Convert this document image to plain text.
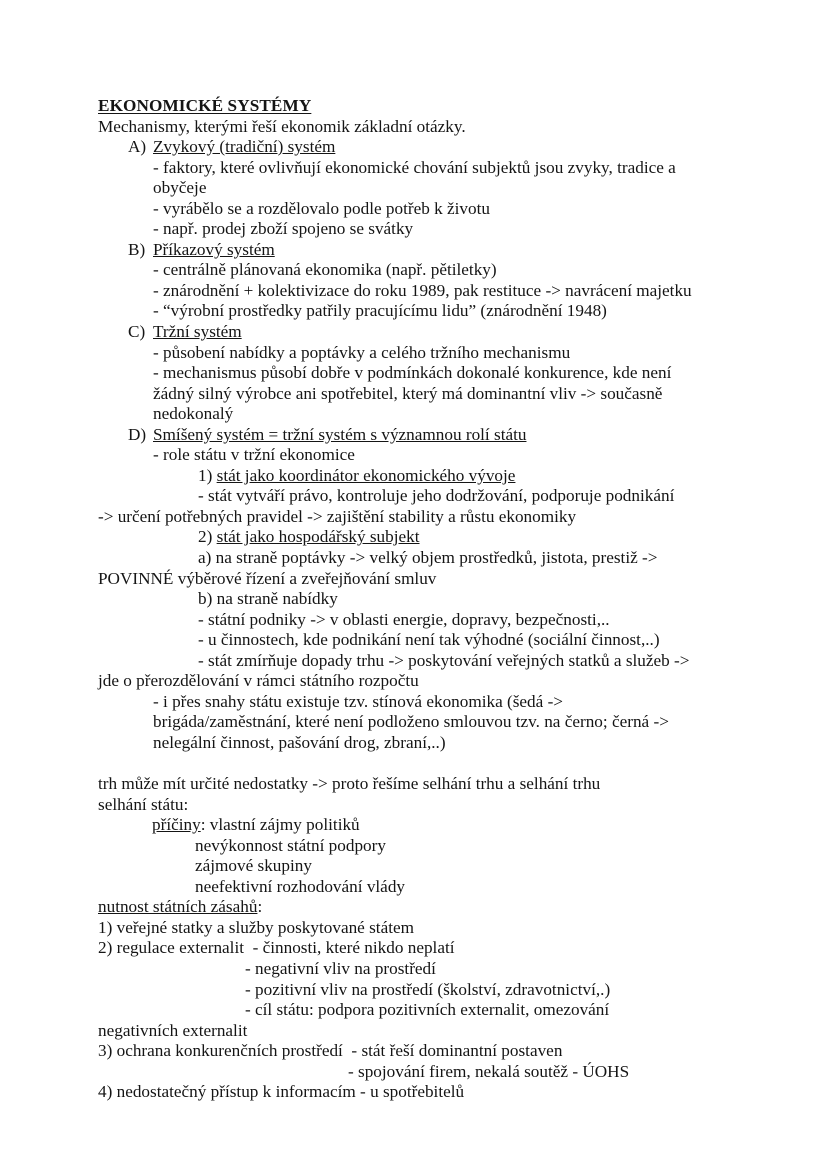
EKONOMICKÉ SYSTÉMY

Mechanismy, kterými řeší ekonomik základní otázky.

A) Zvykový (tradiční) systém

- faktory, které ovlivňují ekonomické chování subjektů jsou zvyky, tradice a

obyčeje

- vyrábělo se a rozdělovalo podle potřeb k životu

- např. prodej zboží spojeno se svátky

B) Příkazový systém

- centrálně plánovaná ekonomika (např. pětiletky)

- znárodnění + kolektivizace do roku 1989, pak restituce -> navrácení majetku

- “výrobní prostředky patřily pracujícímu lidu” (znárodnění 1948)

C) Tržní systém

- působení nabídky a poptávky a celého tržního mechanismu

- mechanismus působí dobře v podmínkách dokonalé konkurence, kde není

žádný silný výrobce ani spotřebitel, který má dominantní vliv -> současně

nedokonalý

D) Smíšený systém = tržní systém s významnou rolí státu

- role státu v tržní ekonomice

1) stát jako koordinátor ekonomického vývoje

- stát vytváří právo, kontroluje jeho dodržování, podporuje podnikání

-> určení potřebných pravidel -> zajištění stability a růstu ekonomiky

2) stát jako hospodářský subjekt

a) na straně poptávky -> velký objem prostředků, jistota, prestiž ->

POVINNÉ výběrové řízení a zveřejňování smluv

b) na straně nabídky

- státní podniky -> v oblasti energie, dopravy, bezpečnosti,..

- u činnostech, kde podnikání není tak výhodné (sociální činnost,..)

- stát zmírňuje dopady trhu -> poskytování veřejných statků a služeb ->

jde o přerozdělování v rámci státního rozpočtu

- i přes snahy státu existuje tzv. stínová ekonomika (šedá ->

brigáda/zaměstnání, které není podloženo smlouvou tzv. na černo; černá ->

nelegální činnost, pašování drog, zbraní,..)

trh může mít určité nedostatky -> proto řešíme selhání trhu a selhání trhu

selhání státu:

příčiny: vlastní zájmy politiků

nevýkonnost státní podpory

zájmové skupiny

neefektivní rozhodování vlády

nutnost státních zásahů:

1) veřejné statky a služby poskytované státem

2) regulace externalit  - činnosti, které nikdo neplatí

- negativní vliv na prostředí

- pozitivní vliv na prostředí (školství, zdravotnictví,.)

- cíl státu: podpora pozitivních externalit, omezování

negativních externalit

3) ochrana konkurenčních prostředí  - stát řeší dominantní postaven

- spojování firem, nekalá soutěž - ÚOHS

4) nedostatečný přístup k informacím - u spotřebitelů
